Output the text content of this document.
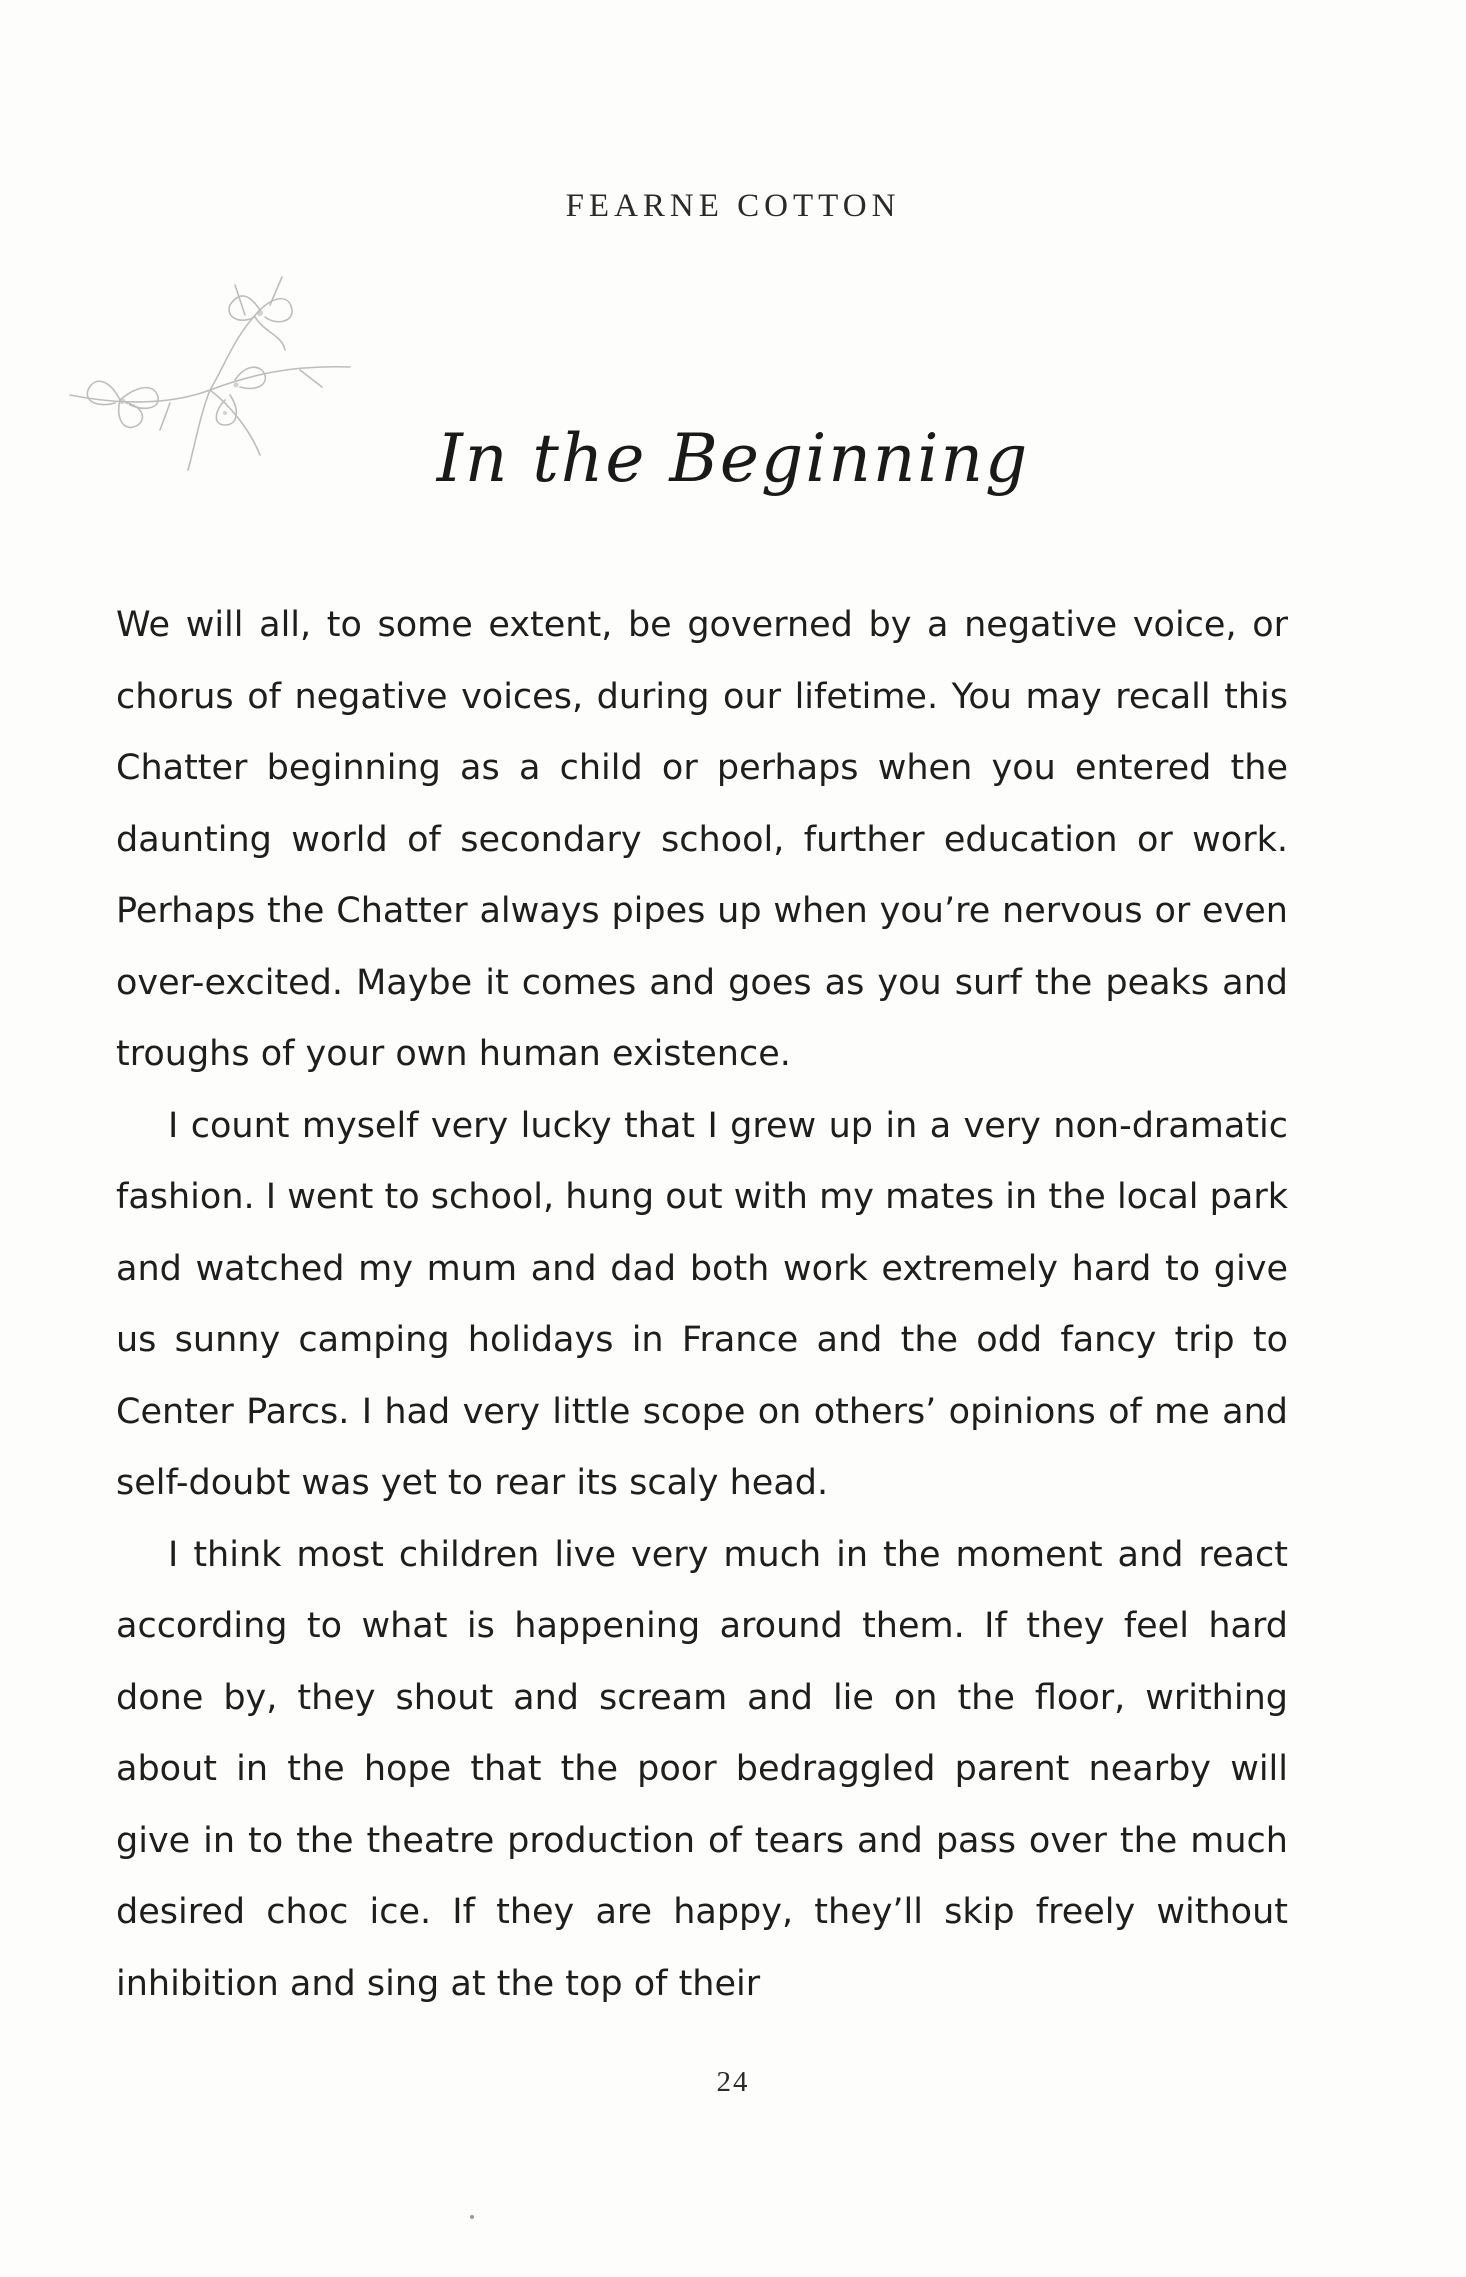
FEARNE COTTON
In the Beginning

We will all, to some extent, be governed by a negative voice, or chorus of negative voices, during our lifetime. You may recall this Chatter beginning as a child or perhaps when you entered the daunting world of secondary school, further education or work. Perhaps the Chatter always pipes up when you’re nervous or even over-excited. Maybe it comes and goes as you surf the peaks and troughs of your own human existence.

I count myself very lucky that I grew up in a very non-dramatic fashion. I went to school, hung out with my mates in the local park and watched my mum and dad both work extremely hard to give us sunny camping holidays in France and the odd fancy trip to Center Parcs. I had very little scope on others’ opinions of me and self-doubt was yet to rear its scaly head.

I think most children live very much in the moment and react according to what is happening around them. If they feel hard done by, they shout and scream and lie on the floor, writhing about in the hope that the poor bedraggled parent nearby will give in to the theatre production of tears and pass over the much desired choc ice. If they are happy, they’ll skip freely without inhibition and sing at the top of their

24
